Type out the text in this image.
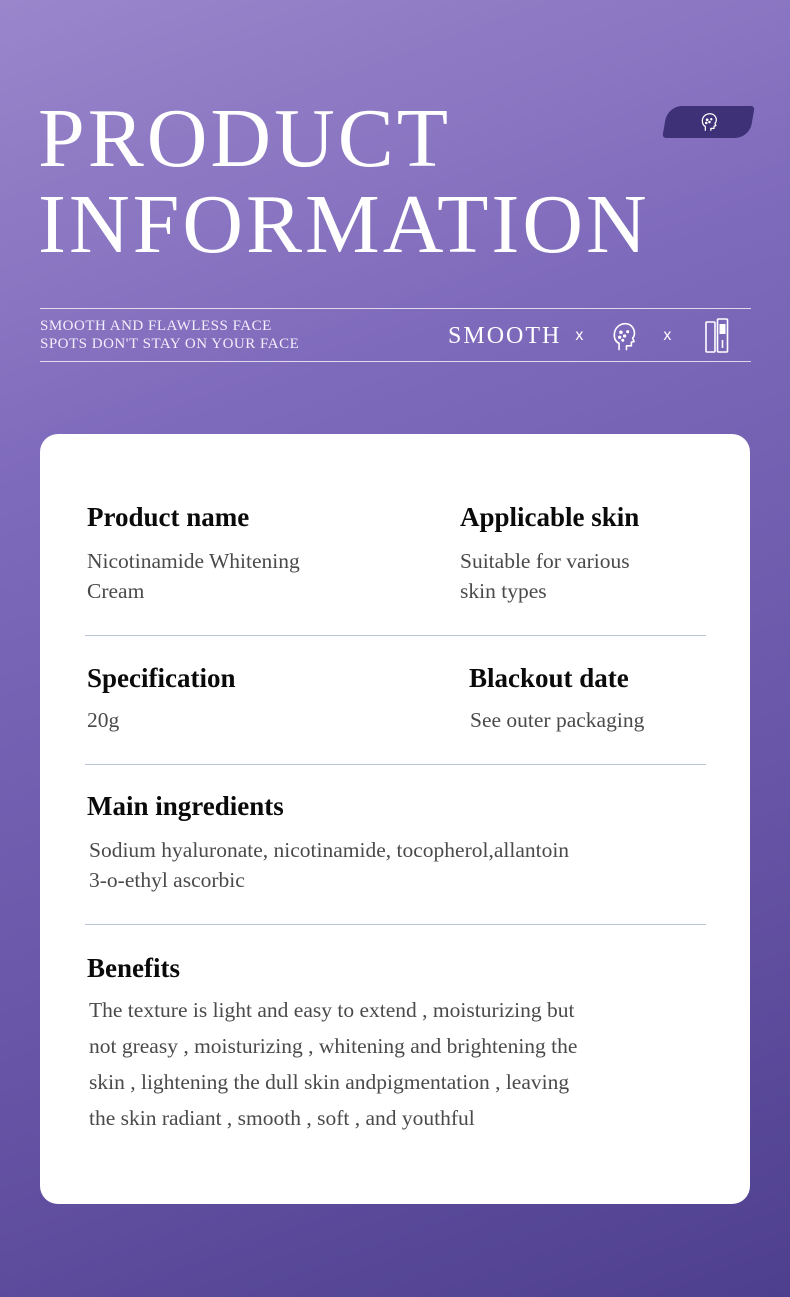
PRODUCT
INFORMATION
SMOOTH AND FLAWLESS FACE
SPOTS DON'T STAY ON YOUR FACE	SMOOTH x	x
Product name
Nicotinamide Whitening
Cream
Applicable skin
Suitable for various
skin types
Specification
20g
Blackout date
See outer packaging
Main ingredients
Sodium hyaluronate, nicotinamide, tocopherol,allantoin
3-o-ethyl ascorbic
Benefits
The texture is light and easy to extend , moisturizing but
not greasy , moisturizing , whitening and brightening the
skin , lightening the dull skin andpigmentation , leaving
the skin radiant , smooth , soft , and youthful
